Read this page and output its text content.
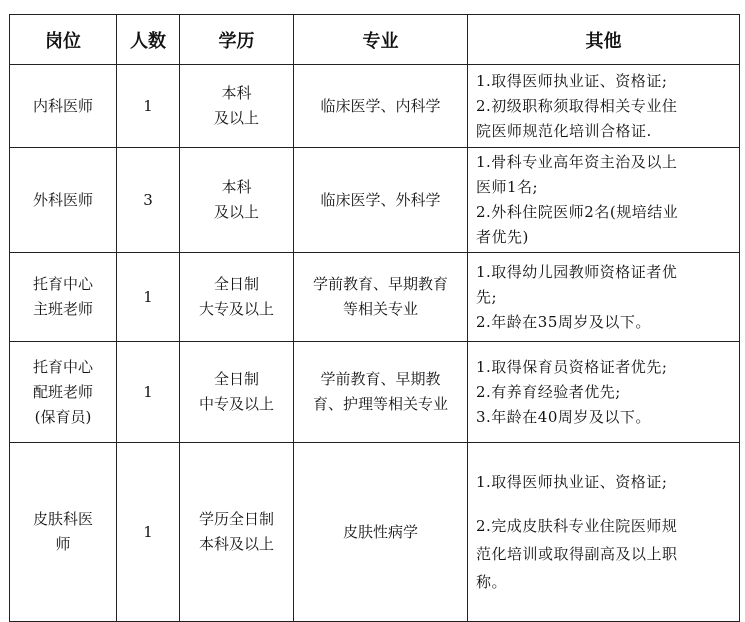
岗位	人数	学历	专业	其他

内科医师	1	本科
及以上	临床医学、内科学	1.取得医师执业证、资格证;
2.初级职称须取得相关专业住
院医师规范化培训合格证.

外科医师	3	本科
及以上	临床医学、外科学	1.骨科专业高年资主治及以上
医师1名;
2.外科住院医师2名(规培结业
者优先)

托育中心
主班老师	1	全日制
大专及以上	学前教育、早期教育
等相关专业	1.取得幼儿园教师资格证者优
先;
2.年龄在35周岁及以下。

托育中心
配班老师
(保育员)	1	全日制
中专及以上	学前教育、早期教
育、护理等相关专业	1.取得保育员资格证者优先;
2.有养育经验者优先;
3.年龄在40周岁及以下。

皮肤科医
师	1	学历全日制
本科及以上	皮肤性病学	1.取得医师执业证、资格证;
2.完成皮肤科专业住院医师规
范化培训或取得副高及以上职
称。
